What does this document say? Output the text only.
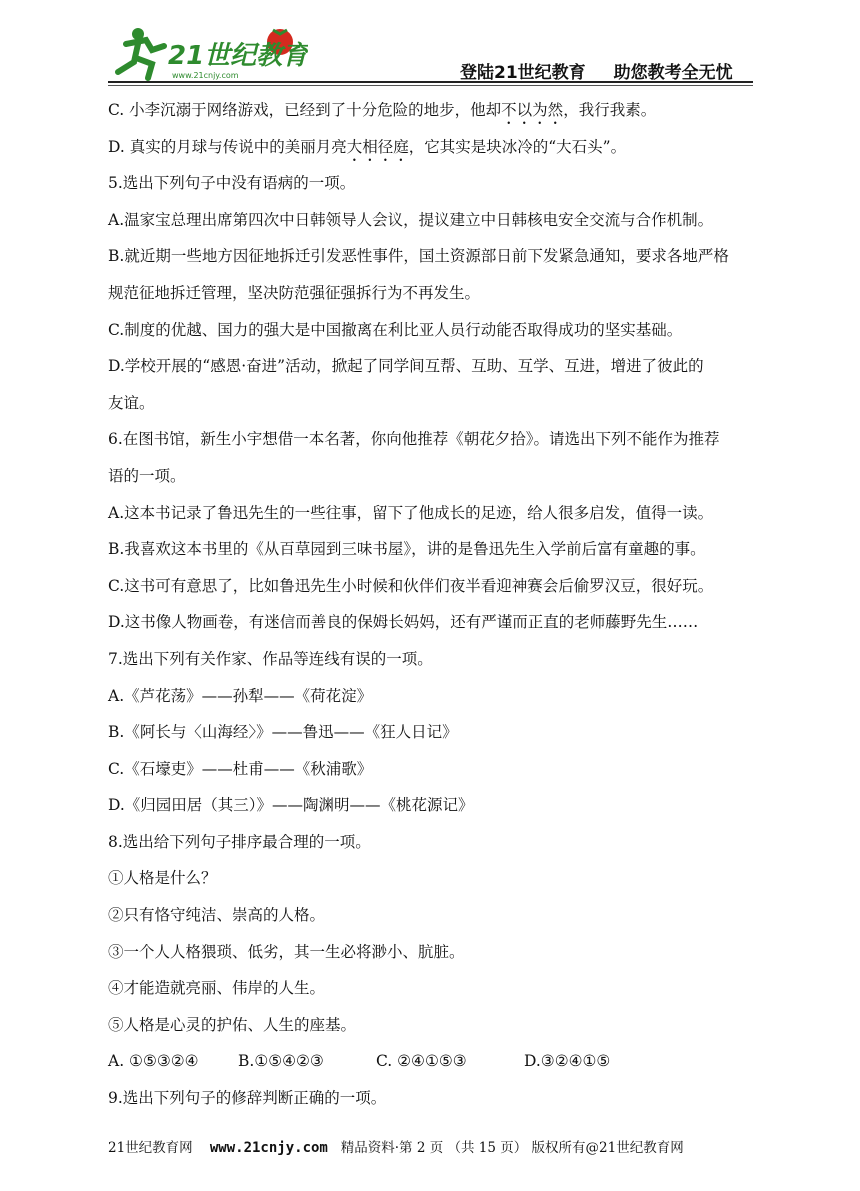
21世纪教育
www.21cnjy.com	登陆21世纪教育 助您教考全无忧

C. 小李沉溺于网络游戏，已经到了十分危险的地步，他却不以为然，我行我素。

D. 真实的月球与传说中的美丽月亮大相径庭，它其实是块冰冷的“大石头”。

5.选出下列句子中没有语病的一项。

A.温家宝总理出席第四次中日韩领导人会议，提议建立中日韩核电安全交流与合作机制。

B.就近期一些地方因征地拆迁引发恶性事件，国土资源部日前下发紧急通知，要求各地严格

规范征地拆迁管理，坚决防范强征强拆行为不再发生。

C.制度的优越、国力的强大是中国撤离在利比亚人员行动能否取得成功的坚实基础。

D.学校开展的“感恩·奋进”活动，掀起了同学间互帮、互助、互学、互进，增进了彼此的

友谊。

6.在图书馆，新生小宇想借一本名著，你向他推荐《朝花夕拾》。请选出下列不能作为推荐

语的一项。

A.这本书记录了鲁迅先生的一些往事，留下了他成长的足迹，给人很多启发，值得一读。

B.我喜欢这本书里的《从百草园到三味书屋》，讲的是鲁迅先生入学前后富有童趣的事。

C.这书可有意思了，比如鲁迅先生小时候和伙伴们夜半看迎神赛会后偷罗汉豆，很好玩。

D.这书像人物画卷，有迷信而善良的保姆长妈妈，还有严谨而正直的老师藤野先生……

7.选出下列有关作家、作品等连线有误的一项。

A.《芦花荡》——孙犁——《荷花淀》

B.《阿长与〈山海经〉》——鲁迅——《狂人日记》

C.《石壕吏》——杜甫——《秋浦歌》

D.《归园田居（其三）》——陶渊明——《桃花源记》

8.选出给下列句子排序最合理的一项。

①人格是什么？

②只有恪守纯洁、崇高的人格。

③一个人人格猥琐、低劣，其一生必将渺小、肮脏。

④才能造就亮丽、伟岸的人生。

⑤人格是心灵的护佑、人生的座基。

A. ①⑤③②④	B.①⑤④②③	C. ②④①⑤③	D.③②④①⑤

9.选出下列句子的修辞判断正确的一项。

21世纪教育网 www.21cnjy.com 精品资料·第 2 页 （共 15 页） 版权所有@21世纪教育网
